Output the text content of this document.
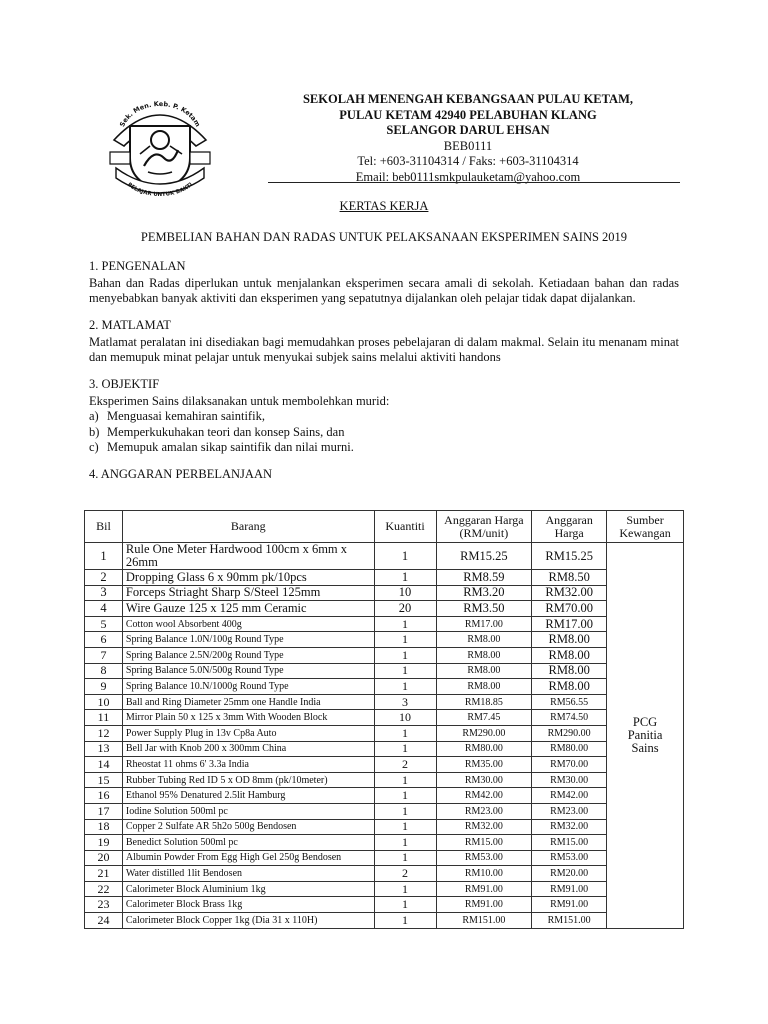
Sek. Men. Keb. P. Ketam
BELAJAR UNTUK BAKTI
SEKOLAH MENENGAH KEBANGSAAN PULAU KETAM,
PULAU KETAM 42940 PELABUHAN KLANG
SELANGOR DARUL EHSAN
BEB0111
Tel: +603-31104314 / Faks: +603-31104314
Email: beb0111smkpulauketam@yahoo.com
KERTAS KERJA
PEMBELIAN BAHAN DAN RADAS UNTUK PELAKSANAAN EKSPERIMEN SAINS 2019
1. PENGENALAN
Bahan dan Radas diperlukan untuk menjalankan eksperimen secara amali di sekolah. Ketiadaan bahan dan radas menyebabkan banyak aktiviti dan eksperimen yang sepatutnya dijalankan oleh pelajar tidak dapat dijalankan.
2. MATLAMAT
Matlamat peralatan ini disediakan bagi memudahkan proses pebelajaran di dalam makmal. Selain itu menanam minat dan memupuk minat pelajar untuk menyukai subjek sains melalui aktiviti handons
3. OBJEKTIF
Eksperimen Sains dilaksanakan untuk membolehkan murid:
a) Menguasai kemahiran saintifik,
b) Memperkukuhakan teori dan konsep Sains, dan
c) Memupuk amalan sikap saintifik dan nilai murni.
4. ANGGARAN PERBELANJAAN
Bil	Barang	Kuantiti	Anggaran Harga (RM/unit)	Anggaran Harga	Sumber Kewangan
1	Rule One Meter Hardwood 100cm x 6mm x 26mm	1	RM15.25	RM15.25	PCG
Panitia
Sains

2	Dropping Glass 6 x 90mm pk/10pcs	1	RM8.59	RM8.50	
3	Forceps Striaght Sharp S/Steel 125mm	10	RM3.20	RM32.00	
4	Wire Gauze 125 x 125 mm Ceramic	20	RM3.50	RM70.00	
5	Cotton wool Absorbent 400g	1	RM17.00	RM17.00	
6	Spring Balance 1.0N/100g Round Type	1	RM8.00	RM8.00	
7	Spring Balance 2.5N/200g Round Type	1	RM8.00	RM8.00	
8	Spring Balance 5.0N/500g Round Type	1	RM8.00	RM8.00	
9	Spring Balance 10.N/1000g Round Type	1	RM8.00	RM8.00	
10	Ball and Ring Diameter 25mm one Handle India	3	RM18.85	RM56.55	
11	Mirror Plain 50 x 125 x 3mm With Wooden Block	10	RM7.45	RM74.50	
12	Power Supply Plug in 13v Cp8a Auto	1	RM290.00	RM290.00	
13	Bell Jar with Knob 200 x 300mm China	1	RM80.00	RM80.00	
14	Rheostat 11 ohms 6' 3.3a India	2	RM35.00	RM70.00	
15	Rubber Tubing Red ID 5 x OD 8mm (pk/10meter)	1	RM30.00	RM30.00	
16	Ethanol 95% Denatured 2.5lit Hamburg	1	RM42.00	RM42.00	
17	Iodine Solution 500ml pc	1	RM23.00	RM23.00	
18	Copper 2 Sulfate AR 5h2o 500g Bendosen	1	RM32.00	RM32.00	
19	Benedict Solution 500ml pc	1	RM15.00	RM15.00	
20	Albumin Powder From Egg High Gel 250g Bendosen	1	RM53.00	RM53.00	
21	Water distilled 1lit Bendosen	2	RM10.00	RM20.00	
22	Calorimeter Block Aluminium 1kg	1	RM91.00	RM91.00	
23	Calorimeter Block Brass 1kg	1	RM91.00	RM91.00	
24	Calorimeter Block Copper 1kg (Dia 31 x 110H)	1	RM151.00	RM151.00	
